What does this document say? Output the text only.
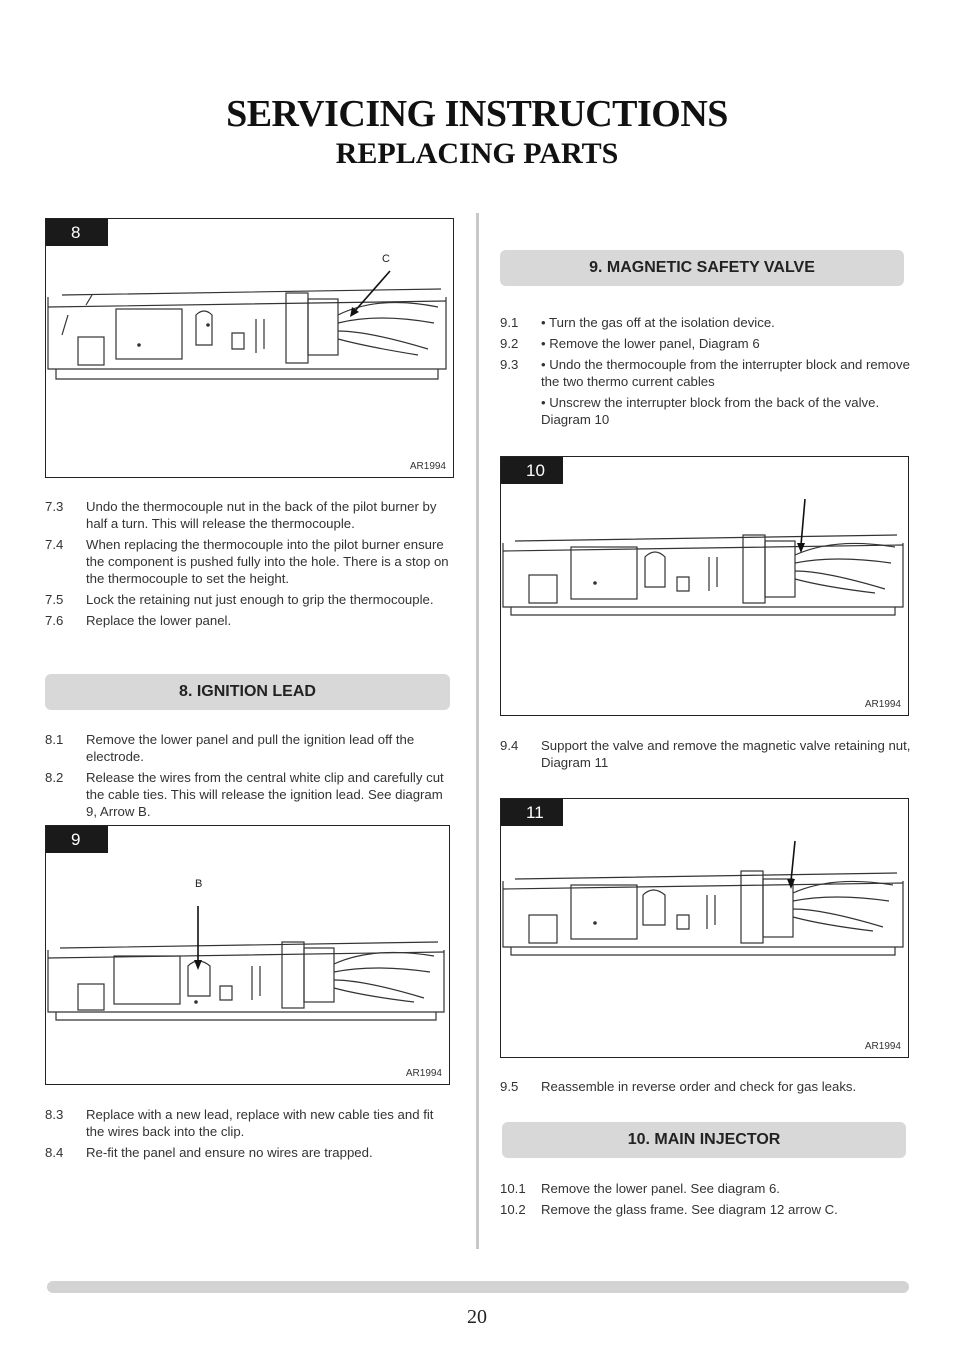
SERVICING INSTRUCTIONS
REPLACING PARTS
8
C
AR1994
7.3	Undo the thermocouple nut in the back of the pilot burner by half a turn. This will release the thermocouple.
7.4	When replacing the thermocouple into the pilot burner ensure the component is pushed fully into the hole. There is a stop on the thermocouple to set the height.
7.5	Lock the retaining nut just enough to grip the thermocouple.
7.6	Replace the lower panel.
8. IGNITION LEAD
8.1	Remove the lower panel and pull the ignition lead off the electrode.
8.2	Release the wires from the central white clip and carefully cut the cable ties. This will release the ignition lead. See diagram 9, Arrow B.
9
B
AR1994
8.3	Replace with a new lead, replace with new cable ties and fit the wires back into the clip.
8.4	Re-fit the panel and ensure no wires are trapped.
9. MAGNETIC SAFETY VALVE
9.1	• Turn the gas off at the isolation device.
9.2	• Remove the lower panel, Diagram 6
9.3	• Undo the thermocouple from the interrupter block and remove the two thermo current cables
• Unscrew the interrupter block from the back of the valve. Diagram 10
10
AR1994
9.4	Support the valve and remove the magnetic valve retaining nut, Diagram 11
11
AR1994
9.5	Reassemble in reverse order and check for gas leaks.
10. MAIN INJECTOR
10.1	Remove the lower panel. See diagram 6.
10.2	Remove the glass frame. See diagram 12 arrow C.
20
